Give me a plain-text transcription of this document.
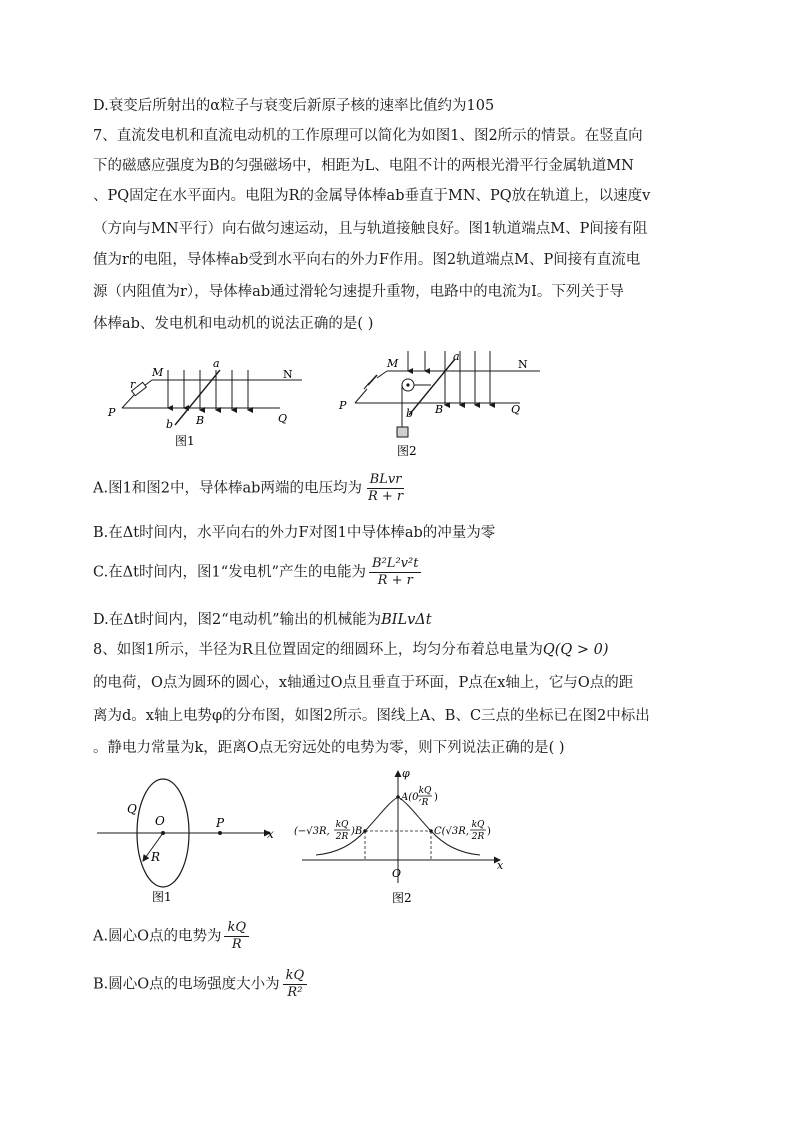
D.衰变后所射出的α粒子与衰变后新原子核的速率比值约为105
7、直流发电机和直流电动机的工作原理可以简化为如图1、图2所示的情景。在竖直向
下的磁感应强度为B的匀强磁场中，相距为L、电阻不计的两根光滑平行金属轨道MN
、PQ固定在水平面内。电阻为R的金属导体棒ab垂直于MN、PQ放在轨道上，以速度v
（方向与MN平行）向右做匀速运动，且与轨道接触良好。图1轨道端点M、P间接有阻
值为r的电阻，导体棒ab受到水平向右的外力F作用。图2轨道端点M、P间接有直流电
源（内阻值为r），导体棒ab通过滑轮匀速提升重物，电路中的电流为I。下列关于导
体棒ab、发电机和电动机的说法正确的是( )
M	N
P	Q
a
b B
r
图1
M	N
P	Q
a
b B
图2
A.图1和图2中，导体棒ab两端的电压均为 $\frac{\text{BLvr}}{R + r}$
B.在Δt时间内，水平向右的外力F对图1中导体棒ab的冲量为零
C.在Δt时间内，图1“发电机”产生的电能为 $\frac{\text{B²L²v²t}}{R + r}$
D.在Δt时间内，图2“电动机”输出的机械能为BILvΔt
8、如图1所示，半径为R且位置固定的细圆环上，均匀分布着总电量为Q(Q > 0)
的电荷，O点为圆环的圆心，x轴通过O点且垂直于环面，P点在x轴上，它与O点的距
离为d。x轴上电势φ的分布图，如图2所示。图线上A、B、C三点的坐标已在图2中标出
。静电力常量为k，距离O点无穷远处的电势为零，则下列说法正确的是( )
Q
O	P
x
R
图1
φ
x
O
A(0,
kQ
R )
(−√3R,
kQ
2R )B	C(√3R,
kQ
2R )
图2
A.圆心O点的电势为 $\frac{kQ}{R}$
B.圆心O点的电场强度大小为 $\frac{kQ}{\text{R²}}$
